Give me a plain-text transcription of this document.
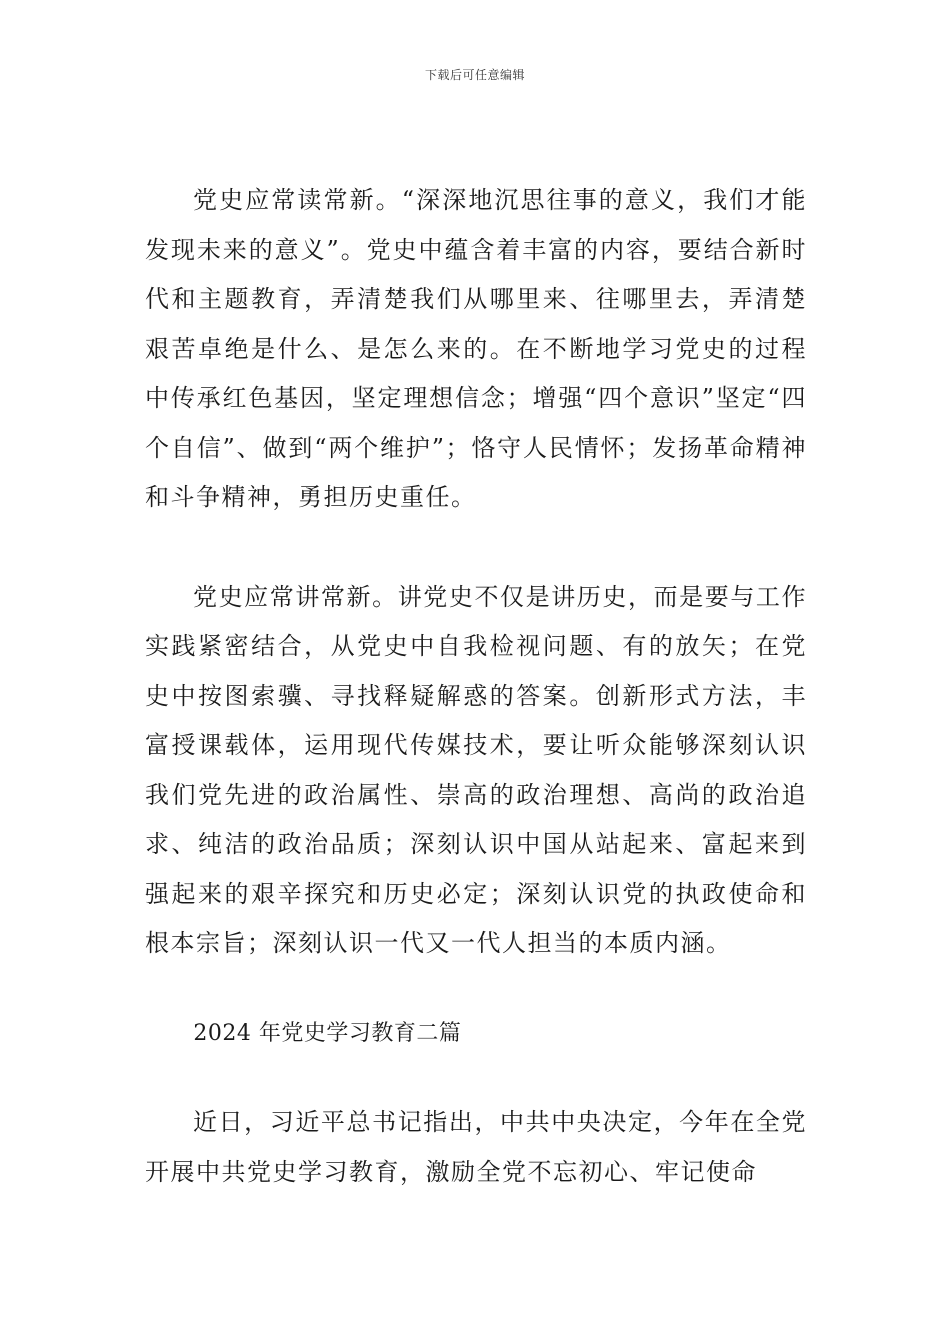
下载后可任意编辑

党史应常读常新。“深深地沉思往事的意义，我们才能发现未来的意义”。党史中蕴含着丰富的内容，要结合新时代和主题教育，弄清楚我们从哪里来、往哪里去，弄清楚艰苦卓绝是什么、是怎么来的。在不断地学习党史的过程中传承红色基因，坚定理想信念；增强“四个意识”坚定“四个自信”、做到“两个维护”；恪守人民情怀；发扬革命精神和斗争精神，勇担历史重任。

党史应常讲常新。讲党史不仅是讲历史，而是要与工作实践紧密结合，从党史中自我检视问题、有的放矢；在党史中按图索骥、寻找释疑解惑的答案。创新形式方法，丰富授课载体，运用现代传媒技术，要让听众能够深刻认识我们党先进的政治属性、崇高的政治理想、高尚的政治追求、纯洁的政治品质；深刻认识中国从站起来、富起来到强起来的艰辛探究和历史必定；深刻认识党的执政使命和根本宗旨；深刻认识一代又一代人担当的本质内涵。

2024 年党史学习教育二篇

近日，习近平总书记指出，中共中央决定，今年在全党开展中共党史学习教育，激励全党不忘初心、牢记使命
